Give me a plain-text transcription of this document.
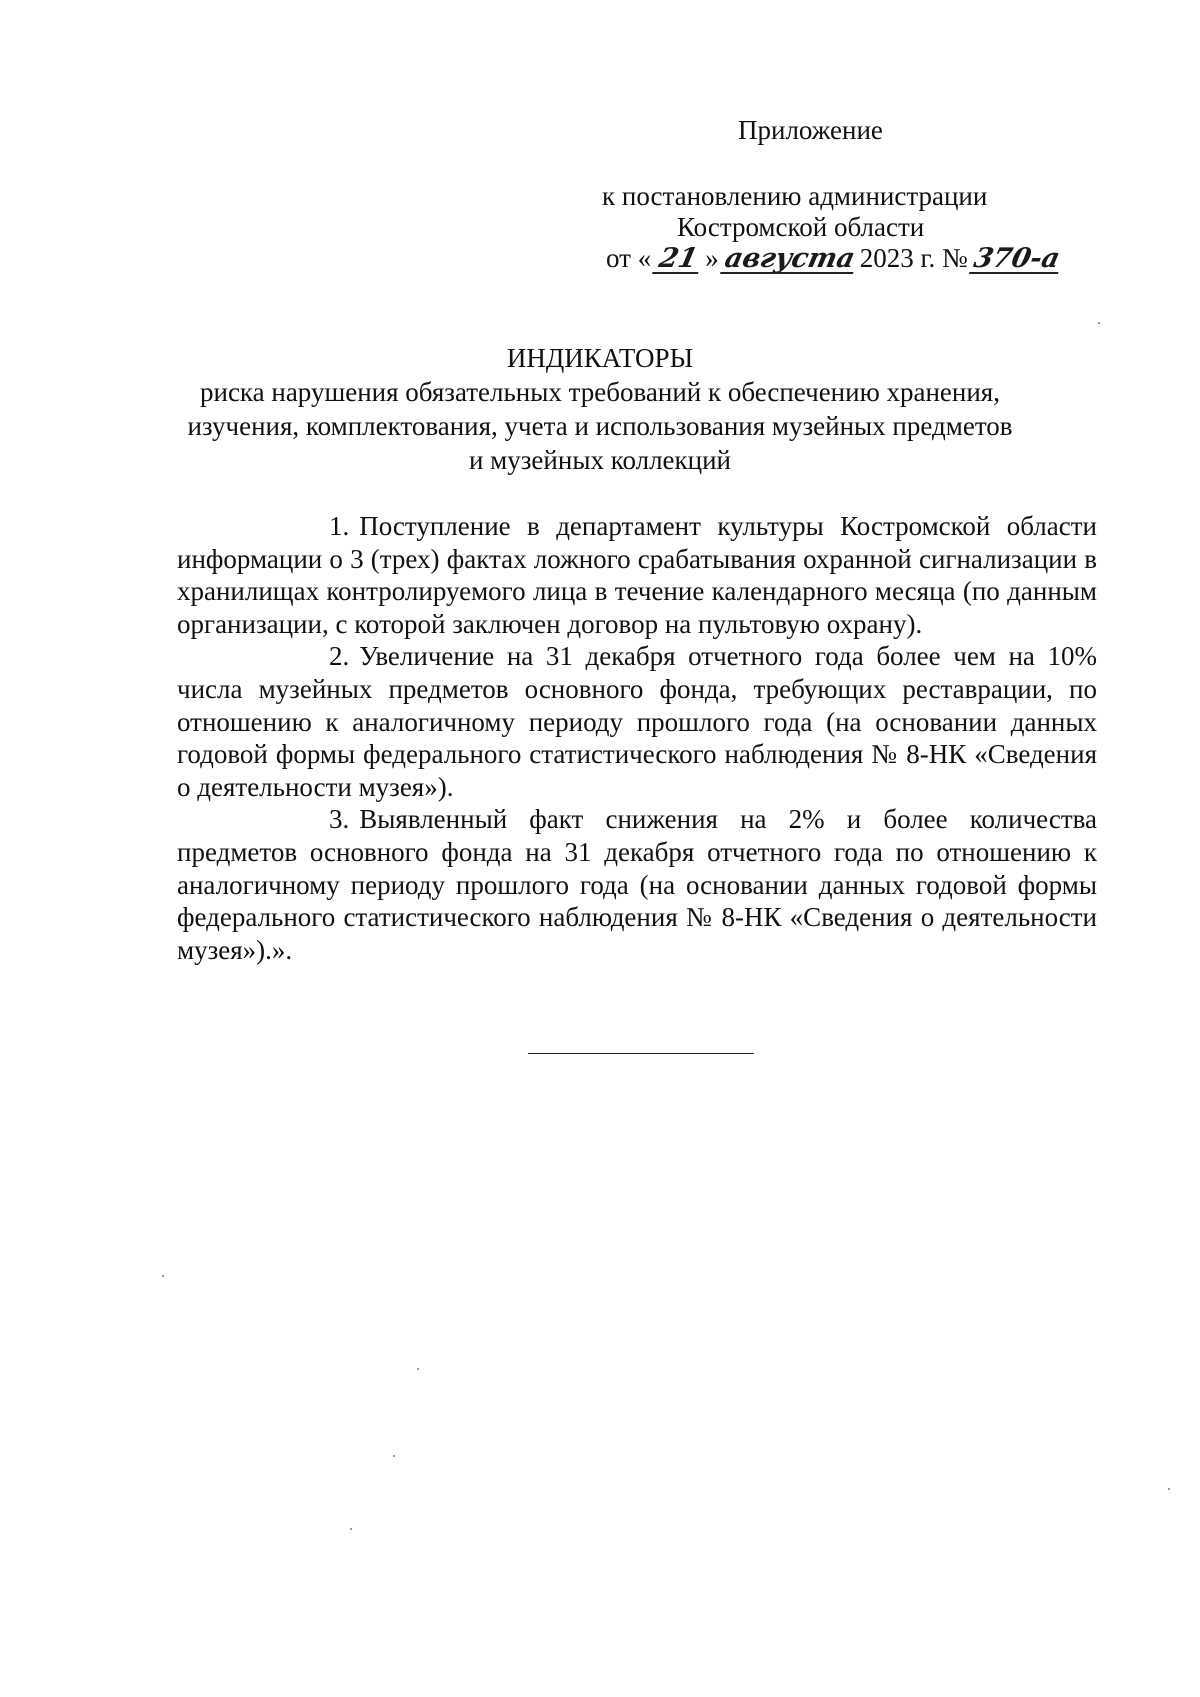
Приложение
к постановлению администрации
Костромской области
от « 21 » августа 2023 г. № 370-а
ИНДИКАТОРЫ
риска нарушения обязательных требований к обеспечению хранения,
изучения, комплектования, учета и использования музейных предметов
и музейных коллекций

1. Поступление в департамент культуры Костромской области информации о 3 (трех) фактах ложного срабатывания охранной сигнализации в хранилищах контролируемого лица в течение календарного месяца (по данным организации, с которой заключен договор на пультовую охрану).

2. Увеличение на 31 декабря отчетного года более чем на 10% числа музейных предметов основного фонда, требующих реставрации, по отношению к аналогичному периоду прошлого года (на основании данных годовой формы федерального статистического наблюдения № 8-НК «Сведения о деятельности музея»).

3. Выявленный факт снижения на 2% и более количества предметов основного фонда на 31 декабря отчетного года по отношению к аналогичному периоду прошлого года (на основании данных годовой формы федерального статистического наблюдения № 8-НК «Сведения о деятельности музея»).».
